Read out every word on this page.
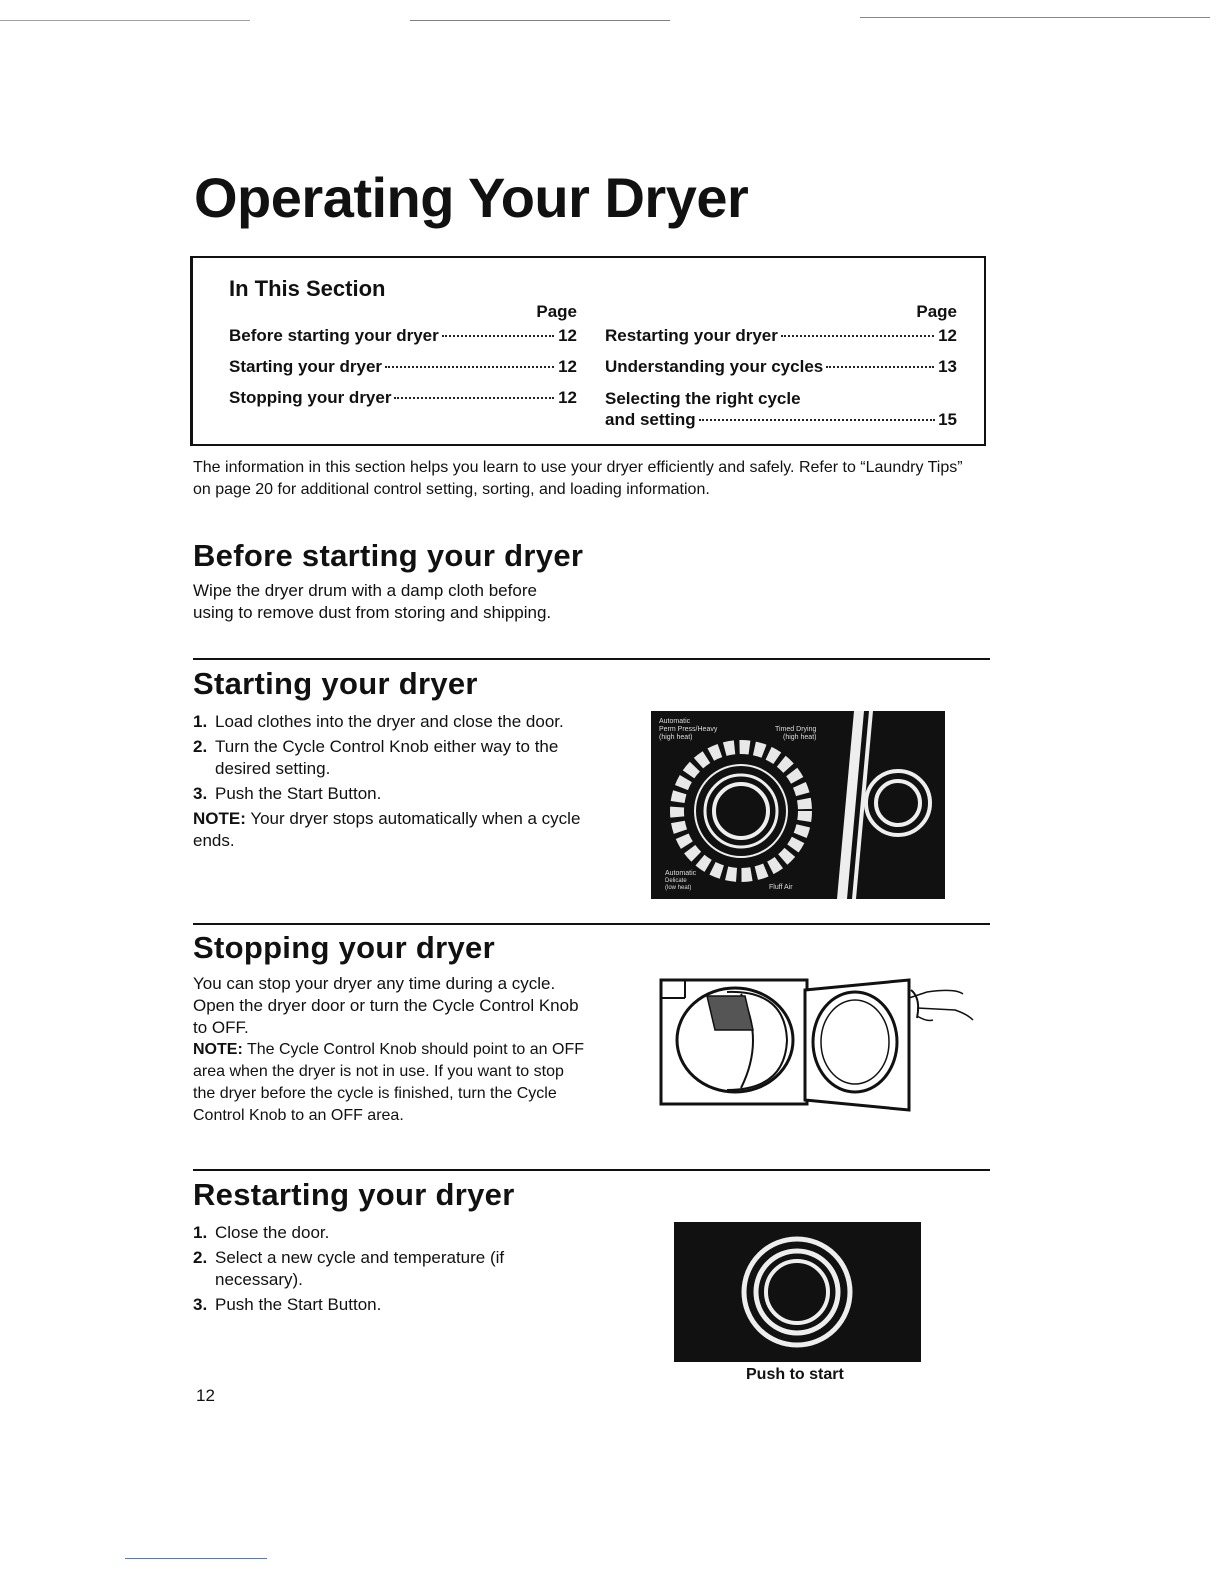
Operating Your Dryer
In This Section
Page
Before starting your dryer	12
Starting your dryer	12
Stopping your dryer	12
Page
Restarting your dryer	12
Understanding your cycles	13
Selecting the right cycle
and setting	15
The information in this section helps you learn to use your dryer efficiently and safely. Refer to “Laundry Tips” on page 20 for additional control setting, sorting, and loading information.
Before starting your dryer
Wipe the dryer drum with a damp cloth before using to remove dust from storing and shipping.
Starting your dryer
1. Load clothes into the dryer and close the door.
2. Turn the Cycle Control Knob either way to the desired setting.
3. Push the Start Button.

NOTE: Your dryer stops automatically when a cycle ends.

Automatic
Perm Press/Heavy
(high heat)
Timed Drying
(high heat)
Automatic
Delicate
(low heat)	Fluff Air
Stopping your dryer

You can stop your dryer any time during a cycle. Open the dryer door or turn the Cycle Control Knob to OFF.

NOTE: The Cycle Control Knob should point to an OFF area when the dryer is not in use. If you want to stop the dryer before the cycle is finished, turn the Cycle Control Knob to an OFF area.

Restarting your dryer
1. Close the door.
2. Select a new cycle and temperature (if necessary).
3. Push the Start Button.
Push to start
12
